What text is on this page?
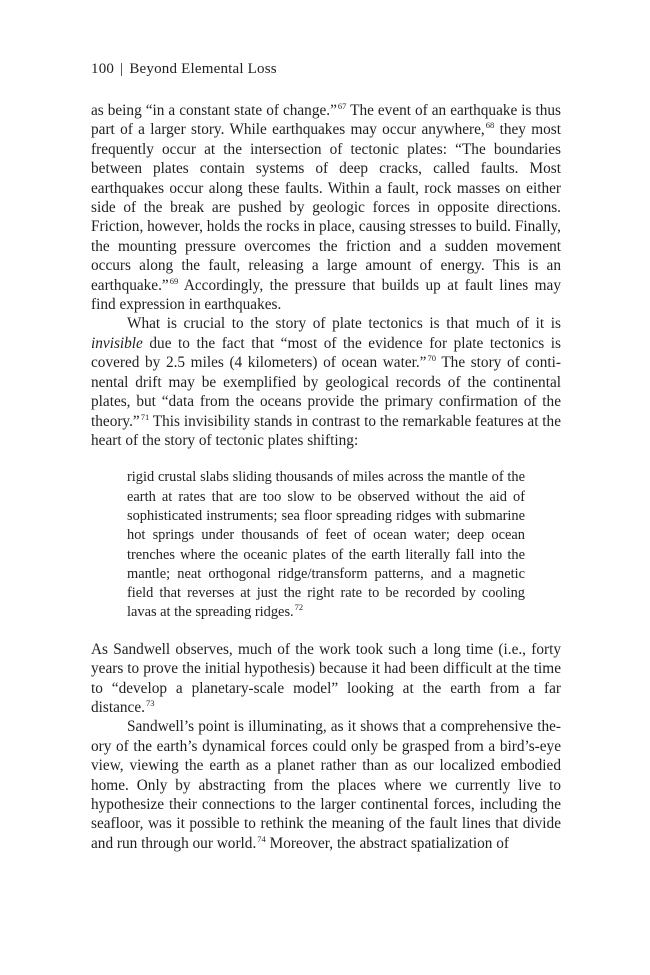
100 | Beyond Elemental Loss

as being “in a constant state of change.”$^{67}$ The event of an earthquake is thus part of a larger story. While earthquakes may occur anywhere,$^{68}$ they most frequently occur at the intersection of tectonic plates: “The boundaries between plates contain systems of deep cracks, called faults. Most earthquakes occur along these faults. Within a fault, rock masses on either side of the break are pushed by geologic forces in opposite directions. Friction, however, holds the rocks in place, causing stresses to build. Finally, the mounting pressure overcomes the friction and a sudden movement occurs along the fault, releasing a large amount of energy. This is an earthquake.”$^{69}$ Accordingly, the pressure that builds up at fault lines may find expression in earthquakes.

What is crucial to the story of plate tectonics is that much of it is invisible due to the fact that “most of the evidence for plate tectonics is covered by 2.5 miles (4 kilometers) of ocean water.”$^{70}$ The story of continental drift may be exemplified by geological records of the continental plates, but “data from the oceans provide the primary confirmation of the theory.”$^{71}$ This invisibility stands in contrast to the remarkable features at the heart of the story of tectonic plates shifting:

rigid crustal slabs sliding thousands of miles across the mantle of the earth at rates that are too slow to be observed without the aid of sophisticated instruments; sea floor spreading ridges with submarine hot springs under thousands of feet of ocean water; deep ocean trenches where the oceanic plates of the earth literally fall into the mantle; neat orthogonal ridge/transform patterns, and a magnetic field that reverses at just the right rate to be recorded by cooling lavas at the spreading ridges.$^{72}$

As Sandwell observes, much of the work took such a long time (i.e., forty years to prove the initial hypothesis) because it had been difficult at the time to “develop a planetary-scale model” looking at the earth from a far distance.$^{73}$

Sandwell’s point is illuminating, as it shows that a comprehensive theory of the earth’s dynamical forces could only be grasped from a bird’s-eye view, viewing the earth as a planet rather than as our localized embodied home. Only by abstracting from the places where we currently live to hypothesize their connections to the larger continental forces, including the seafloor, was it possible to rethink the meaning of the fault lines that divide and run through our world.$^{74}$ Moreover, the abstract spatialization of
